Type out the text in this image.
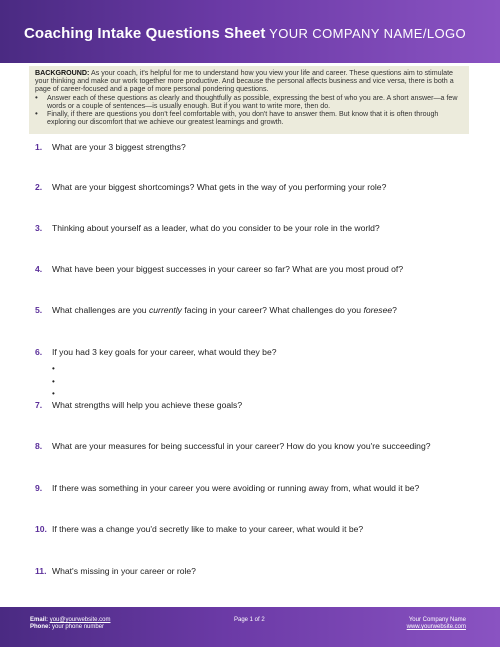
Coaching Intake Questions Sheet YOUR COMPANY NAME/LOGO
BACKGROUND: As your coach, it's helpful for me to understand how you view your life and career. These questions aim to stimulate your thinking and make our work together more productive. And because the personal affects business and vice versa, there is both a page of career-focused and a page of more personal pondering questions.
• Answer each of these questions as clearly and thoughtfully as possible, expressing the best of who you are. A short answer—a few words or a couple of sentences—is usually enough. But if you want to write more, then do.
• Finally, if there are questions you don't feel comfortable with, you don't have to answer them. But know that it is often through exploring our discomfort that we achieve our greatest learnings and growth.
1. What are your 3 biggest strengths?
2. What are your biggest shortcomings? What gets in the way of you performing your role?
3. Thinking about yourself as a leader, what do you consider to be your role in the world?
4. What have been your biggest successes in your career so far? What are you most proud of?
5. What challenges are you currently facing in your career? What challenges do you foresee?
6. If you had 3 key goals for your career, what would they be?
•
•
•
7. What strengths will help you achieve these goals?
8. What are your measures for being successful in your career? How do you know you're succeeding?
9. If there was something in your career you were avoiding or running away from, what would it be?
10. If there was a change you'd secretly like to make to your career, what would it be?
11. What's missing in your career or role?
Email: you@yourwebsite.com
Phone: your phone number
Page 1 of 2	Your Company Name
www.yourwebsite.com
